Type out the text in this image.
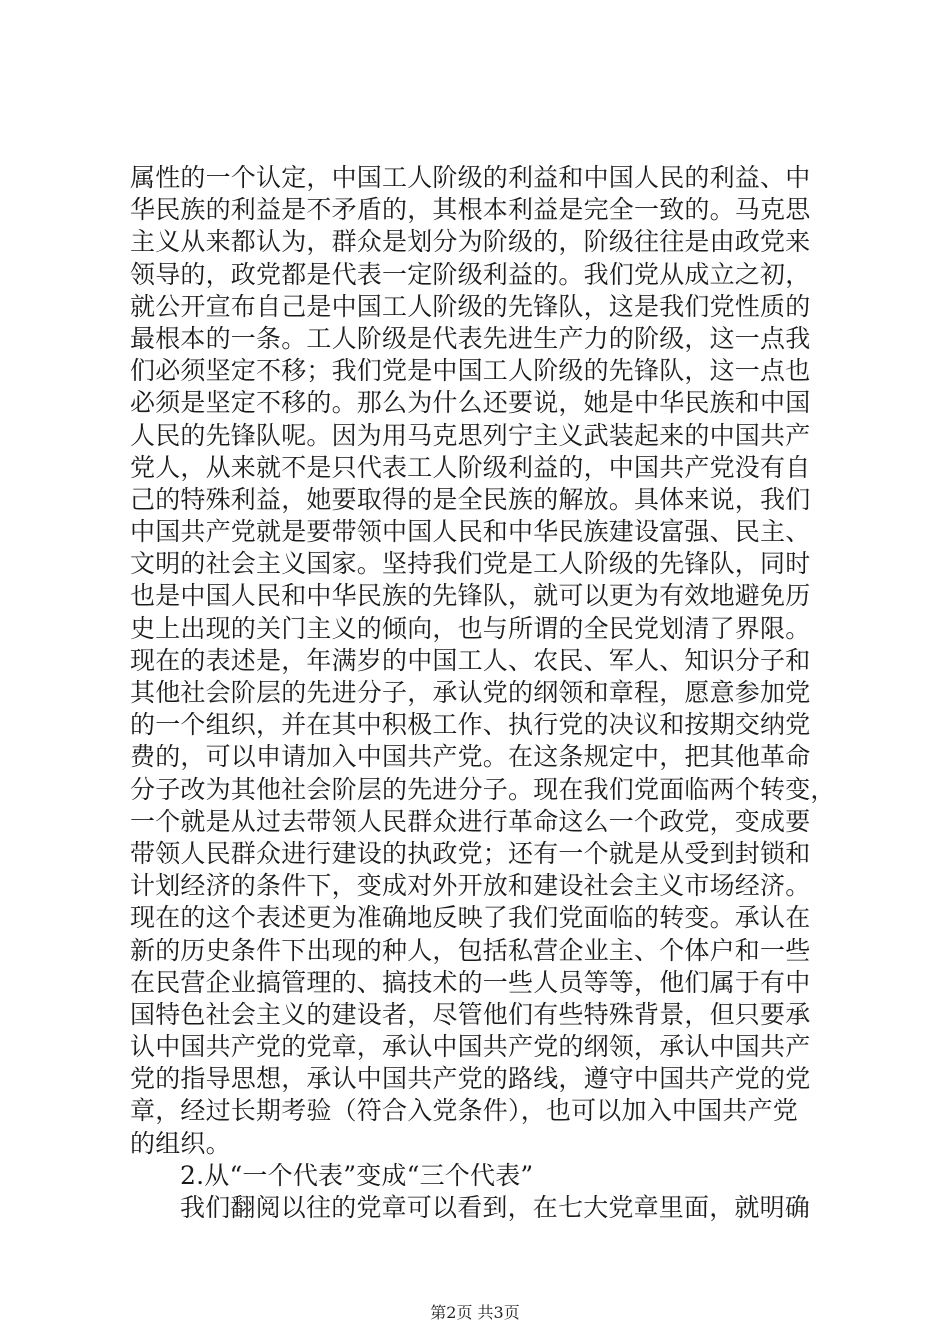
属性的一个认定，中国工人阶级的利益和中国人民的利益、中
华民族的利益是不矛盾的，其根本利益是完全一致的。马克思
主义从来都认为，群众是划分为阶级的，阶级往往是由政党来
领导的，政党都是代表一定阶级利益的。我们党从成立之初，
就公开宣布自己是中国工人阶级的先锋队，这是我们党性质的
最根本的一条。工人阶级是代表先进生产力的阶级，这一点我
们必须坚定不移；我们党是中国工人阶级的先锋队，这一点也
必须是坚定不移的。那么为什么还要说，她是中华民族和中国
人民的先锋队呢。因为用马克思列宁主义武装起来的中国共产
党人，从来就不是只代表工人阶级利益的，中国共产党没有自
己的特殊利益，她要取得的是全民族的解放。具体来说，我们
中国共产党就是要带领中国人民和中华民族建设富强、民主、
文明的社会主义国家。坚持我们党是工人阶级的先锋队，同时
也是中国人民和中华民族的先锋队，就可以更为有效地避免历
史上出现的关门主义的倾向，也与所谓的全民党划清了界限。
现在的表述是，年满岁的中国工人、农民、军人、知识分子和
其他社会阶层的先进分子，承认党的纲领和章程，愿意参加党
的一个组织，并在其中积极工作、执行党的决议和按期交纳党
费的，可以申请加入中国共产党。在这条规定中，把其他革命
分子改为其他社会阶层的先进分子。现在我们党面临两个转变，
一个就是从过去带领人民群众进行革命这么一个政党，变成要
带领人民群众进行建设的执政党；还有一个就是从受到封锁和
计划经济的条件下，变成对外开放和建设社会主义市场经济。
现在的这个表述更为准确地反映了我们党面临的转变。承认在
新的历史条件下出现的种人，包括私营企业主、个体户和一些
在民营企业搞管理的、搞技术的一些人员等等，他们属于有中
国特色社会主义的建设者，尽管他们有些特殊背景，但只要承
认中国共产党的党章，承认中国共产党的纲领，承认中国共产
党的指导思想，承认中国共产党的路线，遵守中国共产党的党
章，经过长期考验（符合入党条件），也可以加入中国共产党
的组织。
2.从“一个代表”变成“三个代表”
我们翻阅以往的党章可以看到，在七大党章里面，就明确
第2页 共3页
